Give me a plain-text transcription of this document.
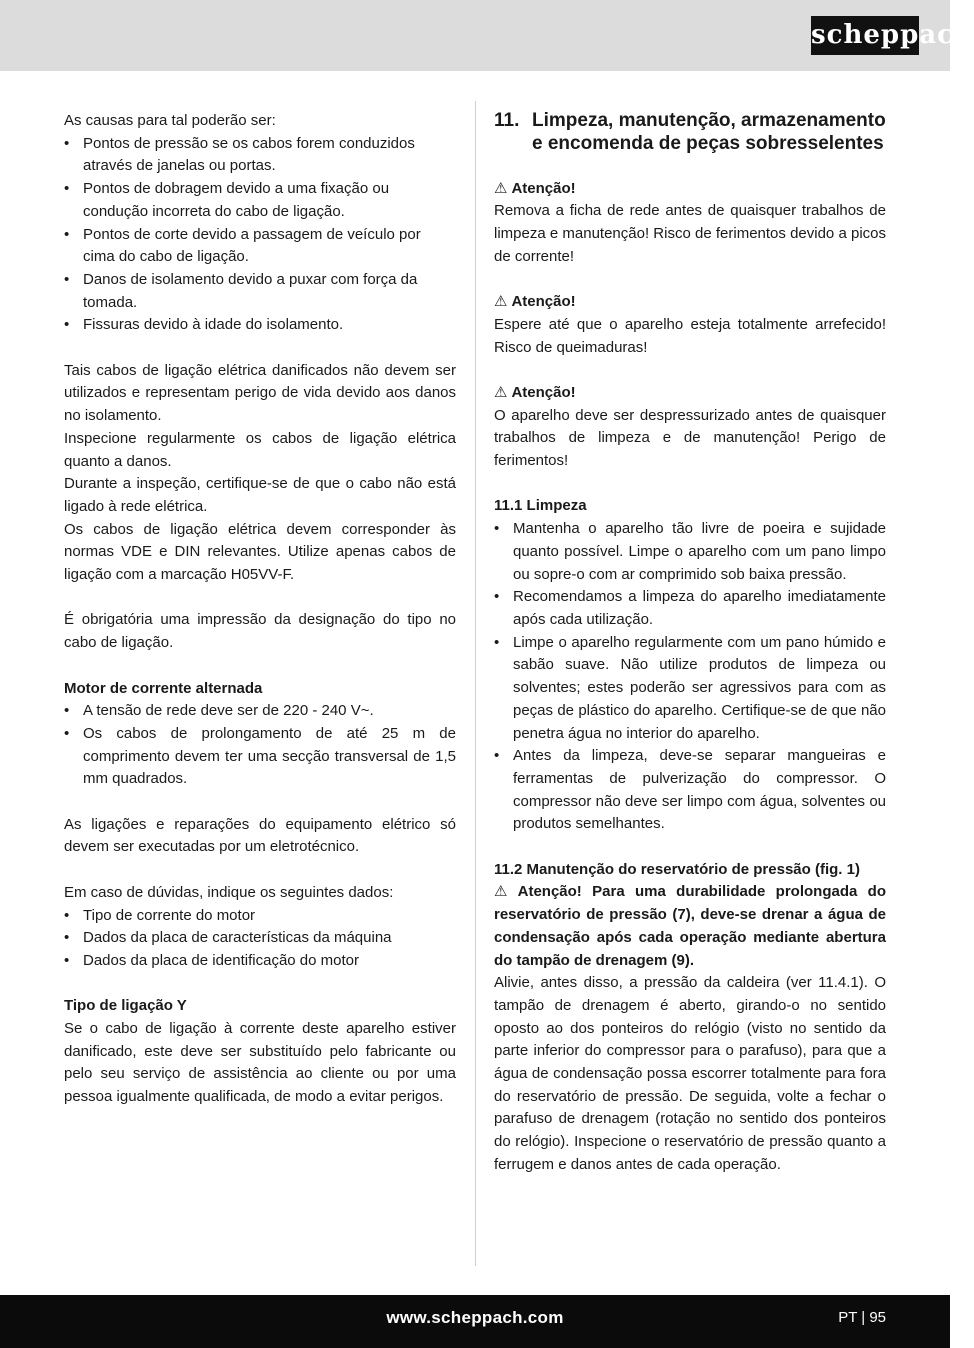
scheppach

As causas para tal poderão ser:

• Pontos de pressão se os cabos forem conduzidos através de janelas ou portas.
• Pontos de dobragem devido a uma fixação ou condução incorreta do cabo de ligação.
• Pontos de corte devido a passagem de veículo por cima do cabo de ligação.
• Danos de isolamento devido a puxar com força da tomada.
• Fissuras devido à idade do isolamento.

Tais cabos de ligação elétrica danificados não devem ser utilizados e representam perigo de vida devido aos danos no isolamento.

Inspecione regularmente os cabos de ligação elétrica quanto a danos.

Durante a inspeção, certifique-se de que o cabo não está ligado à rede elétrica.

Os cabos de ligação elétrica devem corresponder às normas VDE e DIN relevantes. Utilize apenas cabos de ligação com a marcação H05VV-F.

É obrigatória uma impressão da designação do tipo no cabo de ligação.

Motor de corrente alternada

• A tensão de rede deve ser de 220 - 240 V~.
• Os cabos de prolongamento de até 25 m de comprimento devem ter uma secção transversal de 1,5 mm quadrados.

As ligações e reparações do equipamento elétrico só devem ser executadas por um eletrotécnico.

Em caso de dúvidas, indique os seguintes dados:

• Tipo de corrente do motor
• Dados da placa de características da máquina
• Dados da placa de identificação do motor

Tipo de ligação Y

Se o cabo de ligação à corrente deste aparelho estiver danificado, este deve ser substituído pelo fabricante ou pelo seu serviço de assistência ao cliente ou por uma pessoa igualmente qualificada, de modo a evitar perigos.

11. Limpeza, manutenção, armazenamento e encomenda de peças sobresselentes

⚠ Atenção!

Remova a ficha de rede antes de quaisquer trabalhos de limpeza e manutenção! Risco de ferimentos devido a picos de corrente!

⚠ Atenção!

Espere até que o aparelho esteja totalmente arrefecido! Risco de queimaduras!

⚠ Atenção!

O aparelho deve ser despressurizado antes de quaisquer trabalhos de limpeza e de manutenção! Perigo de ferimentos!

11.1 Limpeza

• Mantenha o aparelho tão livre de poeira e sujidade quanto possível. Limpe o aparelho com um pano limpo ou sopre-o com ar comprimido sob baixa pressão.
• Recomendamos a limpeza do aparelho imediatamente após cada utilização.
• Limpe o aparelho regularmente com um pano húmido e sabão suave. Não utilize produtos de limpeza ou solventes; estes poderão ser agressivos para com as peças de plástico do aparelho. Certifique-se de que não penetra água no interior do aparelho.
• Antes da limpeza, deve-se separar mangueiras e ferramentas de pulverização do compressor. O compressor não deve ser limpo com água, solventes ou produtos semelhantes.

11.2 Manutenção do reservatório de pressão (fig. 1)

⚠ Atenção! Para uma durabilidade prolongada do reservatório de pressão (7), deve-se drenar a água de condensação após cada operação mediante abertura do tampão de drenagem (9).

Alivie, antes disso, a pressão da caldeira (ver 11.4.1). O tampão de drenagem é aberto, girando-o no sentido oposto ao dos ponteiros do relógio (visto no sentido da parte inferior do compressor para o parafuso), para que a água de condensação possa escorrer totalmente para fora do reservatório de pressão. De seguida, volte a fechar o parafuso de drenagem (rotação no sentido dos ponteiros do relógio). Inspecione o reservatório de pressão quanto a ferrugem e danos antes de cada operação.

www.scheppach.com	PT | 95
